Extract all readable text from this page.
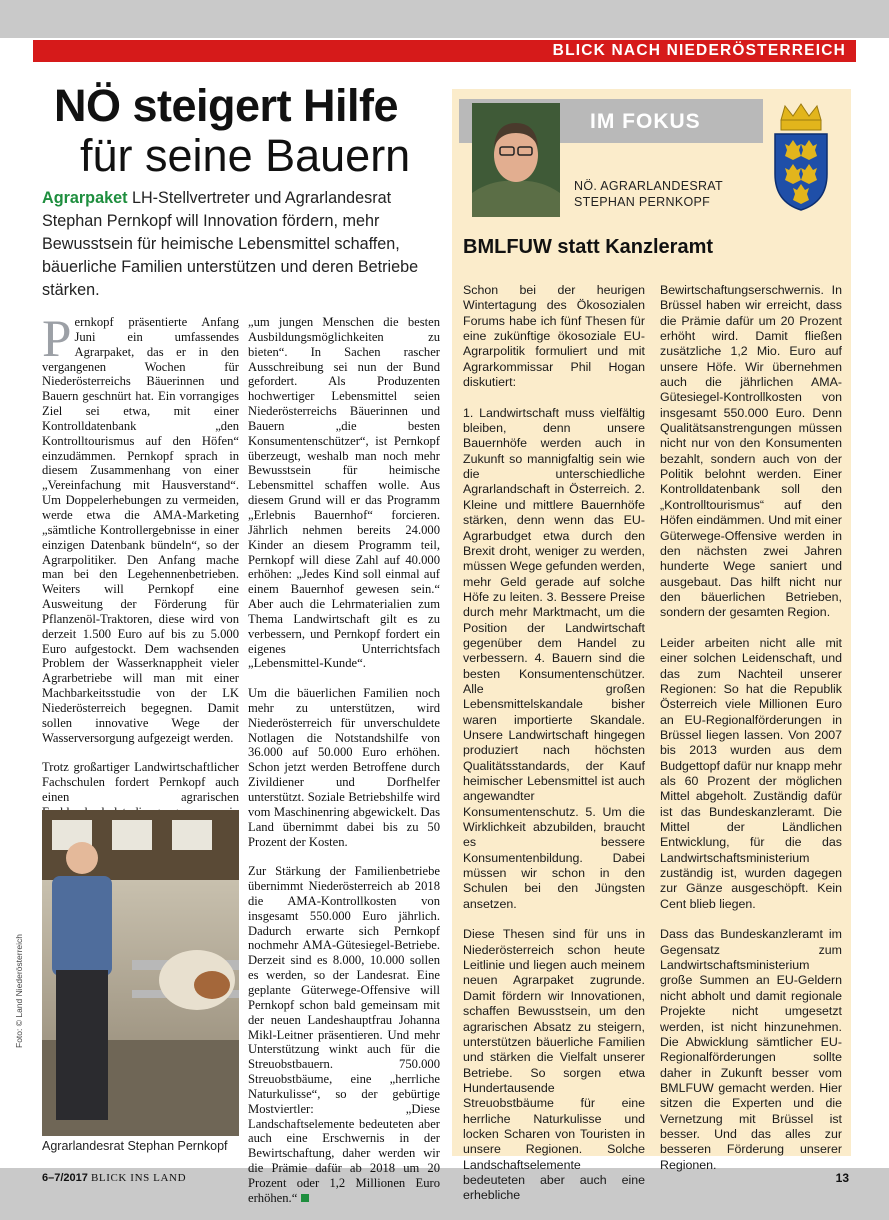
BLICK NACH NIEDERÖSTERREICH
NÖ steigert Hilfe
für seine Bauern
Agrarpaket LH-Stellvertreter und Agrarlandesrat Stephan Pernkopf will Innovation fördern, mehr Bewusstsein für heimische Lebensmittel schaffen, bäuerliche Familien unterstützen und deren Betriebe stärken.

Pernkopf präsentierte Anfang Juni ein umfassendes Agrarpaket, das er in den vergangenen Wochen für Niederösterreichs Bäuerinnen und Bauern geschnürt hat. Ein vorrangiges Ziel sei etwa, mit einer Kontrolldatenbank „den Kontrolltourismus auf den Höfen“ einzudämmen. Pernkopf sprach in diesem Zusammenhang von einer „Vereinfachung mit Hausverstand“. Um Doppelerhebungen zu vermeiden, werde etwa die AMA-Marketing „sämtliche Kontrollergebnisse in einer einzigen Datenbank bündeln“, so der Agrarpolitiker. Den Anfang mache man bei den Legehennenbetrieben. Weiters will Pernkopf eine Ausweitung der Förderung für Pflanzenöl-Traktoren, diese wird von derzeit 1.500 Euro auf bis zu 5.000 Euro aufgestockt. Dem wachsenden Problem der Wasserknappheit vieler Agrarbetriebe will man mit einer Machbarkeitsstudie von der LK Niederösterreich begegnen. Damit sollen innovative Wege der Wasserversorgung aufgezeigt werden.

Trotz großartiger Landwirtschaftlicher Fachschulen fordert Pernkopf auch einen agrarischen

„um jungen Menschen die besten Ausbildungsmöglichkeiten zu bieten“. In Sachen rascher Ausschreibung sei nun der Bund gefordert. Als Produzenten hochwertiger Lebensmittel seien Niederösterreichs Bäuerinnen und Bauern „die besten Konsumentenschützer“, ist Pernkopf überzeugt, weshalb man noch mehr Bewusstsein für heimische Lebensmittel schaffen wolle. Aus diesem Grund will er das Programm „Erlebnis Bauernhof“ forcieren. Jährlich nehmen bereits 24.000 Kinder an diesem Programm teil, Pernkopf will diese Zahl auf 40.000 erhöhen: „Jedes Kind soll einmal auf einem Bauernhof gewesen sein.“ Aber auch die Lehrmaterialien zum Thema Landwirtschaft gilt es zu verbessern, und Pernkopf fordert ein eigenes Unterrichtsfach „Lebensmittel-Kunde“.

Um die bäuerlichen Familien noch mehr zu unterstützen, wird Niederösterreich für unverschuldete Notlagen die Notstandshilfe von 36.000 auf 50.000 Euro erhöhen. Schon jetzt werden Betroffene durch Zivildiener und Dorfhelfer unterstützt. Soziale Betriebshilfe wird vom Maschinenring abgewickelt. Das Land übernimmt dabei bis zu 50 Prozent der Kosten.

Zur Stärkung der Familienbetriebe übernimmt Niederösterreich ab 2018 die AMA-Kontrollkosten von insgesamt 550.000 Euro jährlich. Dadurch erwarte sich Pernkopf nochmehr AMA-Gütesiegel-Betriebe. Derzeit sind es 8.000, 10.000 sollen es werden, so der Landesrat. Eine geplante Güterwege-Offensive will Pernkopf schon bald gemeinsam mit der neuen Landeshauptfrau Johanna Mikl-Leitner präsentieren. Und mehr Unterstützung winkt auch für die Streuobstbauern. 750.000 Streuobstbäume, eine „herrliche Naturkulisse“, so der gebürtige Mostviertler: „Diese Landschaftselemente bedeuteten aber auch eine Erschwernis in der Bewirtschaftung, daher werden wir die Prämie dafür ab 2018 um 20 Prozent oder 1,2 Millionen Euro erhöhen.“

Agrarlandesrat Stephan Pernkopf
Foto: © Land Niederösterreich
IM FOKUS
NÖ. AGRARLANDESRAT
STEPHAN PERNKOPF
BMLFUW statt Kanzleramt

Schon bei der heurigen Wintertagung des Ökosozialen Forums habe ich fünf Thesen für eine zukünftige ökosoziale EU-Agrarpolitik formuliert und mit Agrarkommissar Phil Hogan diskutiert:

1. Landwirtschaft muss vielfältig bleiben, denn unsere Bauernhöfe werden auch in Zukunft so mannigfaltig sein wie die unterschiedliche Agrarlandschaft in Österreich. 2. Kleine und mittlere Bauernhöfe stärken, denn wenn das EU-Agrarbudget etwa durch den Brexit droht, weniger zu werden, müssen Wege gefunden werden, mehr Geld gerade auf solche Höfe zu leiten. 3. Bessere Preise durch mehr Marktmacht, um die Position der Landwirtschaft gegenüber dem Handel zu verbessern. 4. Bauern sind die besten Konsumentenschützer. Alle großen Lebensmittelskandale bisher waren importierte Skandale. Unsere Landwirtschaft hingegen produziert nach höchsten Qualitätsstandards, der Kauf heimischer Lebensmittel ist auch angewandter Konsumentenschutz. 5. Um die Wirklichkeit abzubilden, braucht es bessere Konsumentenbildung. Dabei müssen wir schon in den Schulen bei den Jüngsten ansetzen.

Diese Thesen sind für uns in Niederösterreich schon heute Leitlinie und liegen auch meinem neuen Agrarpaket zugrunde. Damit fördern wir Innovationen, schaffen Bewusstsein, um den agrarischen Absatz zu steigern, unterstützen bäuerliche Familien und stärken die Vielfalt unserer Betriebe. So sorgen etwa Hundertausende Streuobstbäume für eine herrliche Naturkulisse und locken Scharen von Touristen in unsere Regionen. Solche Landschaftselemente bedeuteten aber auch eine erhebliche

Bewirtschaftungserschwernis. In Brüssel haben wir erreicht, dass die Prämie dafür um 20 Prozent erhöht wird. Damit fließen zusätzliche 1,2 Mio. Euro auf unsere Höfe. Wir übernehmen auch die jährlichen AMA-Gütesiegel-Kontrollkosten von insgesamt 550.000 Euro. Denn Qualitätsanstrengungen müssen nicht nur von den Konsumenten bezahlt, sondern auch von der Politik belohnt werden. Einer Kontrolldatenbank soll den „Kontrolltourismus“ auf den Höfen eindämmen. Und mit einer Güterwege-Offensive werden in den nächsten zwei Jahren hunderte Wege saniert und ausgebaut. Das hilft nicht nur den bäuerlichen Betrieben, sondern der gesamten Region.

Leider arbeiten nicht alle mit einer solchen Leidenschaft, und das zum Nachteil unserer Regionen: So hat die Republik Österreich viele Millionen Euro an EU-Regionalförderungen in Brüssel liegen lassen. Von 2007 bis 2013 wurden aus dem Budgettopf dafür nur knapp mehr als 60 Prozent der möglichen Mittel abgeholt. Zuständig dafür ist das Bundeskanzleramt. Die Mittel der Ländlichen Entwicklung, für die das Landwirtschaftsministerium zuständig ist, wurden dagegen zur Gänze ausgeschöpft. Kein Cent blieb liegen.

Dass das Bundeskanzleramt im Gegensatz zum Landwirtschaftsministerium große Summen an EU-Geldern nicht abholt und damit regionale Projekte nicht umgesetzt werden, ist nicht hinzunehmen. Die Abwicklung sämtlicher EU-Regionalförderungen sollte daher in Zukunft besser vom BMLFUW gemacht werden. Hier sitzen die Experten und die Vernetzung mit Brüssel ist besser. Und das alles zur besseren Förderung unserer Regionen.

6–7/2017 BLICK INS LAND	13
